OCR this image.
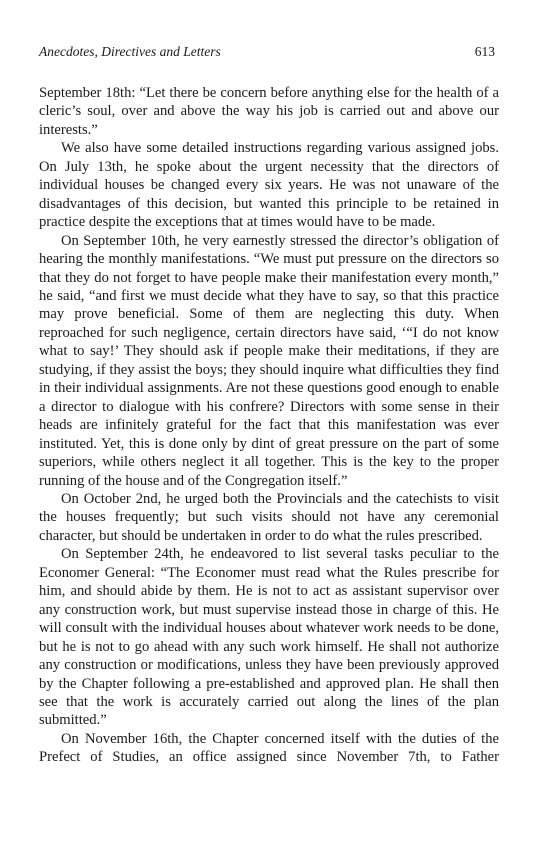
Anecdotes, Directives and Letters	613

September 18th: “Let there be concern before anything else for the health of a cleric’s soul, over and above the way his job is carried out and above our interests.”

We also have some detailed instructions regarding various assigned jobs. On July 13th, he spoke about the urgent necessity that the directors of individual houses be changed every six years. He was not unaware of the disadvantages of this decision, but wanted this principle to be retained in practice despite the exceptions that at times would have to be made.

On September 10th, he very earnestly stressed the director’s obligation of hearing the monthly manifestations. “We must put pressure on the directors so that they do not forget to have people make their manifestation every month,” he said, “and first we must decide what they have to say, so that this practice may prove beneficial. Some of them are neglecting this duty. When reproached for such negligence, certain directors have said, ‘“I do not know what to say!’ They should ask if people make their meditations, if they are studying, if they assist the boys; they should inquire what difficulties they find in their individual assignments. Are not these questions good enough to enable a director to dialogue with his confrere? Directors with some sense in their heads are infinitely grateful for the fact that this manifestation was ever instituted. Yet, this is done only by dint of great pressure on the part of some superiors, while others neglect it all together. This is the key to the proper running of the house and of the Congregation itself.”

On October 2nd, he urged both the Provincials and the catechists to visit the houses frequently; but such visits should not have any ceremonial character, but should be undertaken in order to do what the rules prescribed.

On September 24th, he endeavored to list several tasks peculiar to the Economer General: “The Economer must read what the Rules prescribe for him, and should abide by them. He is not to act as assistant supervisor over any construction work, but must supervise instead those in charge of this. He will consult with the individual houses about whatever work needs to be done, but he is not to go ahead with any such work himself. He shall not authorize any construction or modifications, unless they have been previously approved by the Chapter following a pre-established and approved plan. He shall then see that the work is accurately carried out along the lines of the plan submitted.”

On November 16th, the Chapter concerned itself with the duties of the Prefect of Studies, an office assigned since November 7th, to Father
